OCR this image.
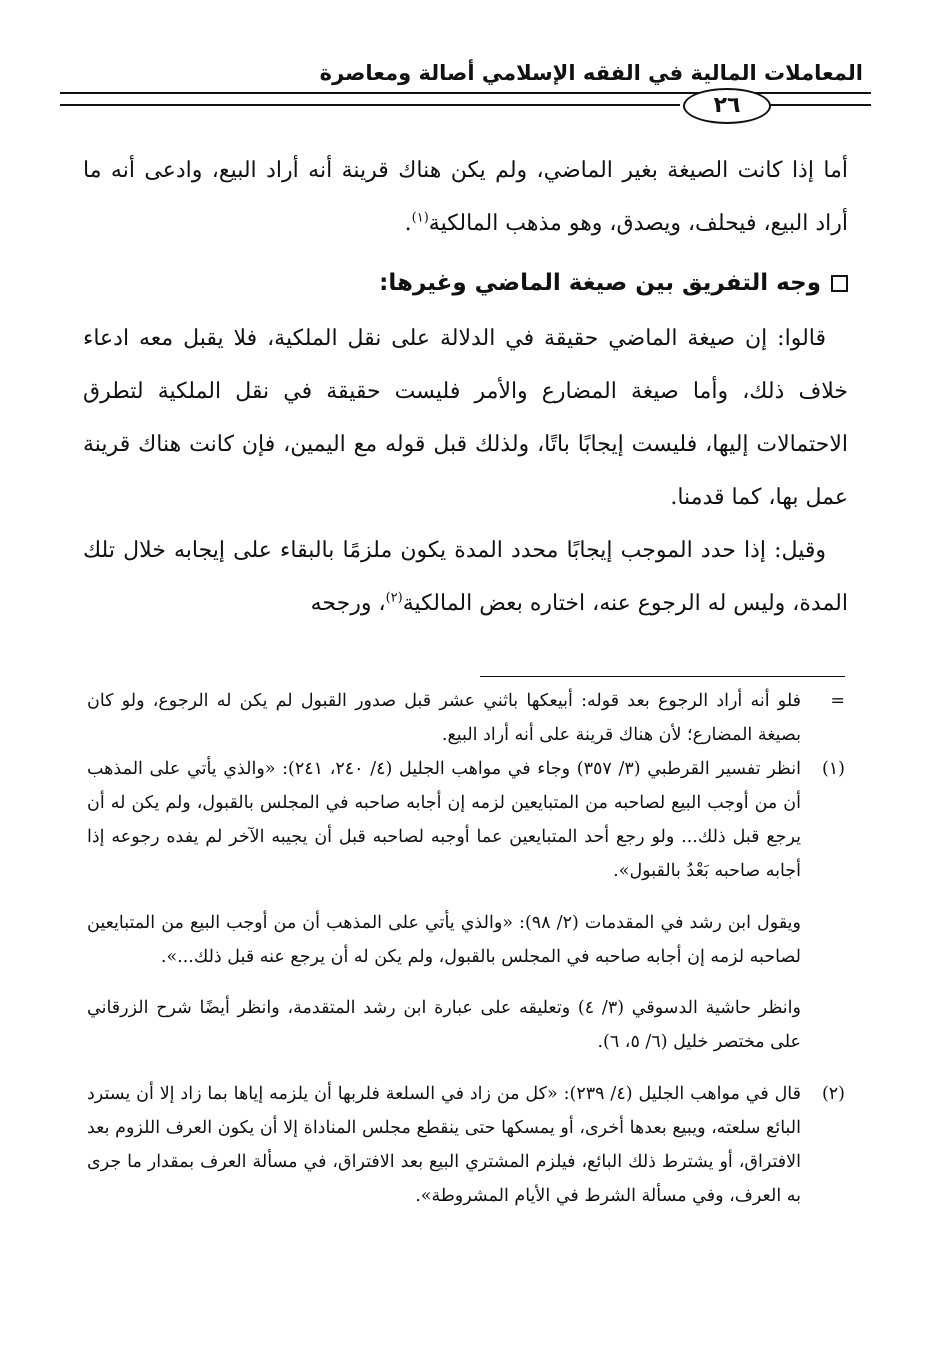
المعاملات المالية في الفقه الإسلامي أصالة ومعاصرة
٢٦

أما إذا كانت الصيغة بغير الماضي، ولم يكن هناك قرينة أنه أراد البيع، وادعى أنه ما أراد البيع، فيحلف، ويصدق، وهو مذهب المالكية$^{(١)}$.

وجه التفريق بين صيغة الماضي وغيرها:

قالوا: إن صيغة الماضي حقيقة في الدلالة على نقل الملكية، فلا يقبل معه ادعاء خلاف ذلك، وأما صيغة المضارع والأمر فليست حقيقة في نقل الملكية لتطرق الاحتمالات إليها، فليست إيجابًا باتًا، ولذلك قبل قوله مع اليمين، فإن كانت هناك قرينة عمل بها، كما قدمنا.

وقيل: إذا حدد الموجب إيجابًا محدد المدة يكون ملزمًا بالبقاء على إيجابه خلال تلك المدة، وليس له الرجوع عنه، اختاره بعض المالكية$^{(٢)}$، ورجحه

=

فلو أنه أراد الرجوع بعد قوله: أبيعكها باثني عشر قبل صدور القبول لم يكن له الرجوع، ولو كان بصيغة المضارع؛ لأن هناك قرينة على أنه أراد البيع.

(١)

انظر تفسير القرطبي (٣/ ٣٥٧) وجاء في مواهب الجليل (٤/ ٢٤٠، ٢٤١): «والذي يأتي على المذهب أن من أوجب البيع لصاحبه من المتبايعين لزمه إن أجابه صاحبه في المجلس بالقبول، ولم يكن له أن يرجع قبل ذلك... ولو رجع أحد المتبايعين عما أوجبه لصاحبه قبل أن يجيبه الآخر لم يفده رجوعه إذا أجابه صاحبه بَعْدُ بالقبول».

ويقول ابن رشد في المقدمات (٢/ ٩٨): «والذي يأتي على المذهب أن من أوجب البيع من المتبايعين لصاحبه لزمه إن أجابه صاحبه في المجلس بالقبول، ولم يكن له أن يرجع عنه قبل ذلك...».

وانظر حاشية الدسوقي (٣/ ٤) وتعليقه على عبارة ابن رشد المتقدمة، وانظر أيضًا شرح الزرقاني على مختصر خليل (٦/ ٥، ٦).

(٢)

قال في مواهب الجليل (٤/ ٢٣٩): «كل من زاد في السلعة فلربها أن يلزمه إياها بما زاد إلا أن يسترد البائع سلعته، ويبيع بعدها أخرى، أو يمسكها حتى ينقطع مجلس المناداة إلا أن يكون العرف اللزوم بعد الافتراق، أو يشترط ذلك البائع، فيلزم المشتري البيع بعد الافتراق، في مسألة العرف بمقدار ما جرى به العرف، وفي مسألة الشرط في الأيام المشروطة».
